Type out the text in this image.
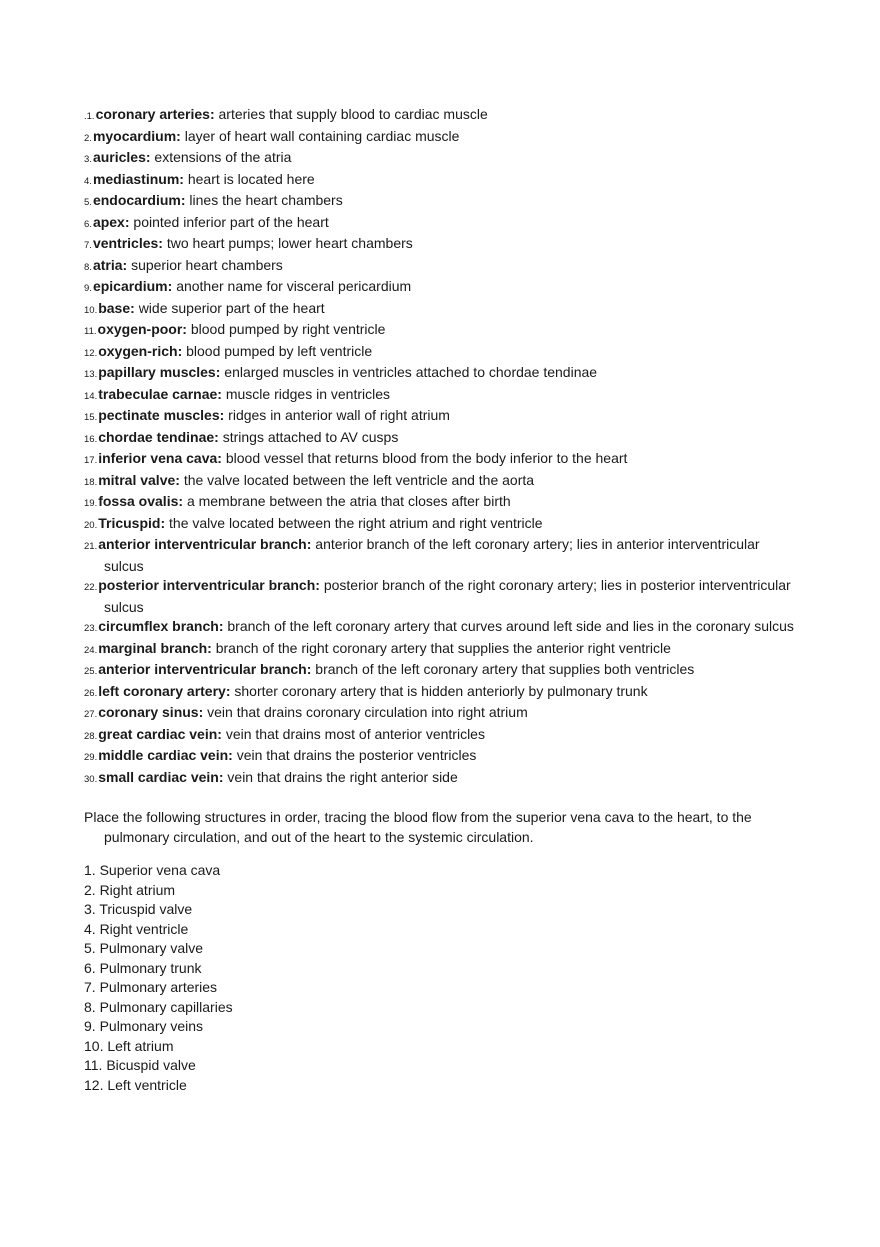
.1.coronary arteries: arteries that supply blood to cardiac muscle
2.myocardium: layer of heart wall containing cardiac muscle
3.auricles: extensions of the atria
4.mediastinum: heart is located here
5.endocardium: lines the heart chambers
6.apex: pointed inferior part of the heart
7.ventricles: two heart pumps; lower heart chambers
8.atria: superior heart chambers
9.epicardium: another name for visceral pericardium
10.base: wide superior part of the heart
11.oxygen-poor: blood pumped by right ventricle
12.oxygen-rich: blood pumped by left ventricle
13.papillary muscles: enlarged muscles in ventricles attached to chordae tendinae
14.trabeculae carnae: muscle ridges in ventricles
15.pectinate muscles: ridges in anterior wall of right atrium
16.chordae tendinae: strings attached to AV cusps
17.inferior vena cava: blood vessel that returns blood from the body inferior to the heart
18.mitral valve: the valve located between the left ventricle and the aorta
19.fossa ovalis: a membrane between the atria that closes after birth
20.Tricuspid: the valve located between the right atrium and right ventricle
21.anterior interventricular branch: anterior branch of the left coronary artery; lies in anterior interventricular sulcus
22.posterior interventricular branch: posterior branch of the right coronary artery; lies in posterior interventricular sulcus
23.circumflex branch: branch of the left coronary artery that curves around left side and lies in the coronary sulcus
24.marginal branch: branch of the right coronary artery that supplies the anterior right ventricle
25.anterior interventricular branch: branch of the left coronary artery that supplies both ventricles
26.left coronary artery: shorter coronary artery that is hidden anteriorly by pulmonary trunk
27.coronary sinus: vein that drains coronary circulation into right atrium
28.great cardiac vein: vein that drains most of anterior ventricles
29.middle cardiac vein: vein that drains the posterior ventricles
30.small cardiac vein: vein that drains the right anterior side

Place the following structures in order, tracing the blood flow from the superior vena cava to the heart, to the pulmonary circulation, and out of the heart to the systemic circulation.

1. Superior vena cava
2. Right atrium
3. Tricuspid valve
4. Right ventricle
5. Pulmonary valve
6. Pulmonary trunk
7. Pulmonary arteries
8. Pulmonary capillaries
9. Pulmonary veins
10. Left atrium
11. Bicuspid valve
12. Left ventricle
